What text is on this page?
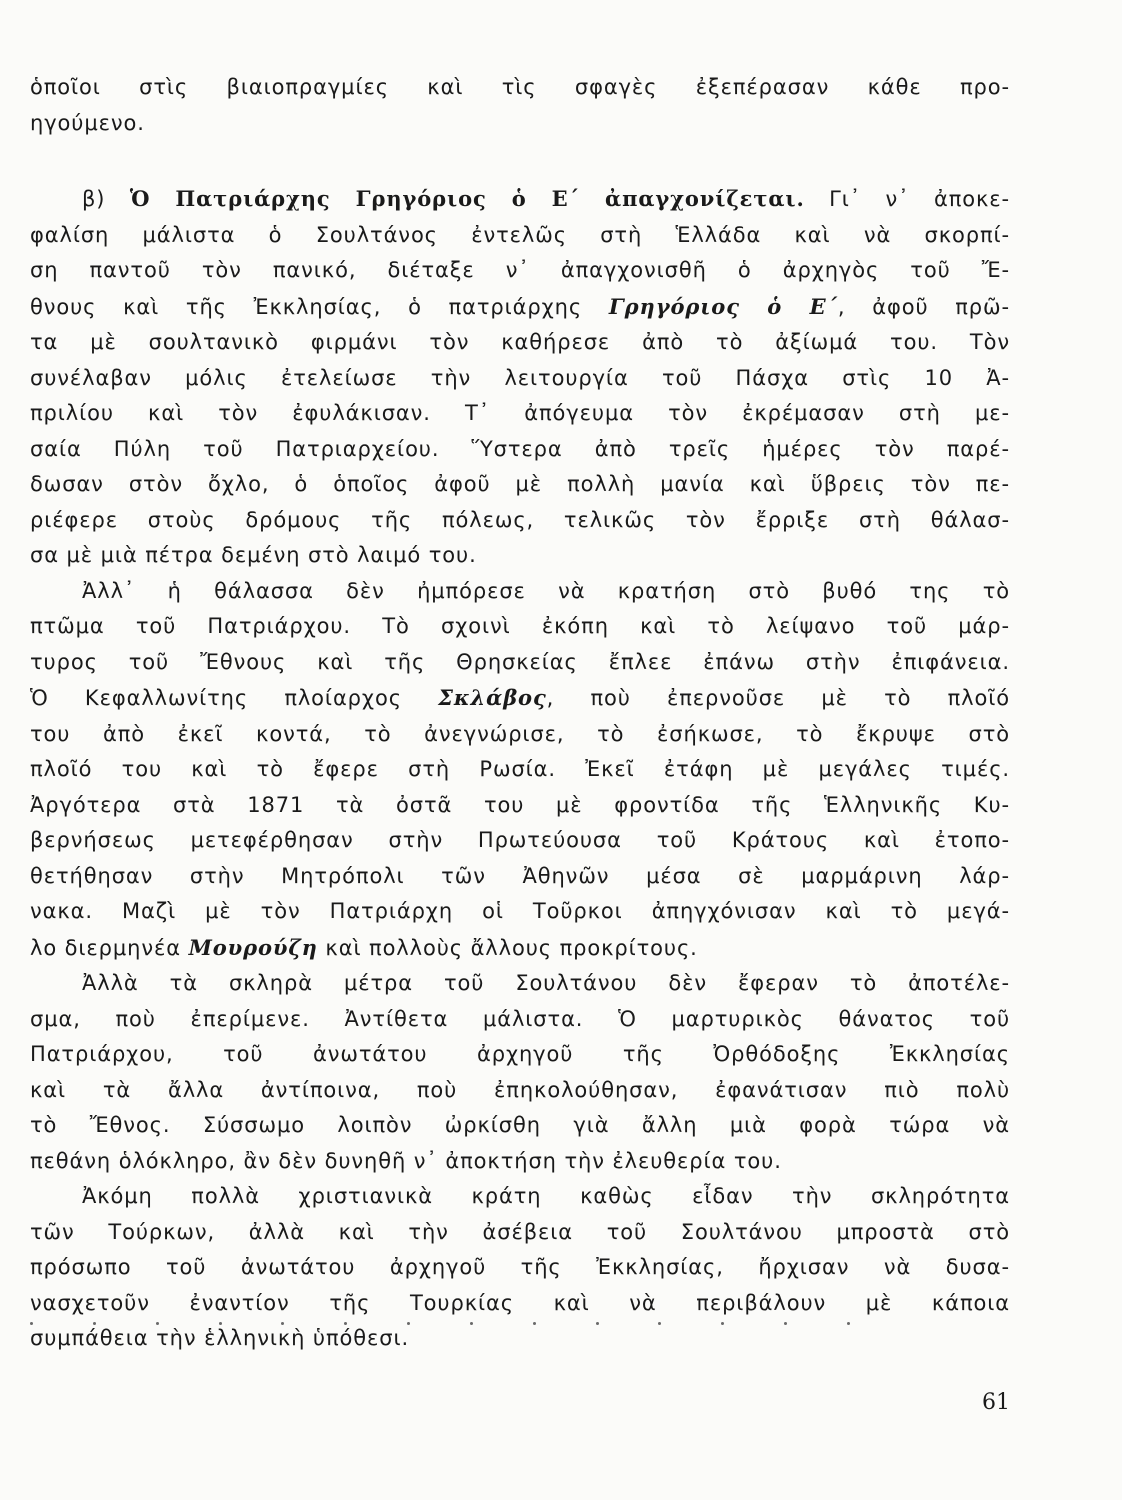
ὁποῖοι στὶς βιαιοπραγμίες καὶ τὶς σφαγὲς ἐξεπέρασαν κάθε προ-
ηγούμενο.
β) Ὁ Πατριάρχης Γρηγόριος ὁ Ε΄ ἀπαγχονίζεται. Γι᾽ ν᾽ ἀποκε-
φαλίση μάλιστα ὁ Σουλτάνος ἐντελῶς στὴ Ἑλλάδα καὶ νὰ σκορπί-
ση παντοῦ τὸν πανικό, διέταξε ν᾽ ἀπαγχονισθῆ ὁ ἀρχηγὸς τοῦ Ἔ-
θνους καὶ τῆς Ἐκκλησίας, ὁ πατριάρχης Γρηγόριος ὁ Ε΄, ἀφοῦ πρῶ-
τα μὲ σουλτανικὸ φιρμάνι τὸν καθήρεσε ἀπὸ τὸ ἀξίωμά του. Τὸν
συνέλαβαν μόλις ἐτελείωσε τὴν λειτουργία τοῦ Πάσχα στὶς 10 Ἀ-
πριλίου καὶ τὸν ἐφυλάκισαν. Τ᾽ ἀπόγευμα τὸν ἐκρέμασαν στὴ με-
σαία Πύλη τοῦ Πατριαρχείου. Ὕστερα ἀπὸ τρεῖς ἡμέρες τὸν παρέ-
δωσαν στὸν ὄχλο, ὁ ὁποῖος ἀφοῦ μὲ πολλὴ μανία καὶ ὕβρεις τὸν πε-
ριέφερε στοὺς δρόμους τῆς πόλεως, τελικῶς τὸν ἔρριξε στὴ θάλασ-
σα μὲ μιὰ πέτρα δεμένη στὸ λαιμό του.
Ἀλλ᾽ ἡ θάλασσα δὲν ἠμπόρεσε νὰ κρατήση στὸ βυθό της τὸ
πτῶμα τοῦ Πατριάρχου. Τὸ σχοινὶ ἐκόπη καὶ τὸ λείψανο τοῦ μάρ-
τυρος τοῦ Ἔθνους καὶ τῆς Θρησκείας ἔπλεε ἐπάνω στὴν ἐπιφάνεια.
Ὁ Κεφαλλωνίτης πλοίαρχος Σκλάβος, ποὺ ἐπερνοῦσε μὲ τὸ πλοῖό
του ἀπὸ ἐκεῖ κοντά, τὸ ἀνεγνώρισε, τὸ ἐσήκωσε, τὸ ἔκρυψε στὸ
πλοῖό του καὶ τὸ ἔφερε στὴ Ρωσία. Ἐκεῖ ἐτάφη μὲ μεγάλες τιμές.
Ἀργότερα στὰ 1871 τὰ ὀστᾶ του μὲ φροντίδα τῆς Ἑλληνικῆς Κυ-
βερνήσεως μετεφέρθησαν στὴν Πρωτεύουσα τοῦ Κράτους καὶ ἐτοπο-
θετήθησαν στὴν Μητρόπολι τῶν Ἀθηνῶν μέσα σὲ μαρμάρινη λάρ-
νακα. Μαζὶ μὲ τὸν Πατριάρχη οἱ Τοῦρκοι ἀπηγχόνισαν καὶ τὸ μεγά-
λο διερμηνέα Μουρούζη καὶ πολλοὺς ἄλλους προκρίτους.
Ἀλλὰ τὰ σκληρὰ μέτρα τοῦ Σουλτάνου δὲν ἔφεραν τὸ ἀποτέλε-
σμα, ποὺ ἐπερίμενε. Ἀντίθετα μάλιστα. Ὁ μαρτυρικὸς θάνατος τοῦ
Πατριάρχου, τοῦ ἀνωτάτου ἀρχηγοῦ τῆς Ὀρθόδοξης Ἐκκλησίας
καὶ τὰ ἄλλα ἀντίποινα, ποὺ ἐπηκολούθησαν, ἐφανάτισαν πιὸ πολὺ
τὸ Ἔθνος. Σύσσωμο λοιπὸν ὠρκίσθη γιὰ ἄλλη μιὰ φορὰ τώρα νὰ
πεθάνη ὁλόκληρο, ἂν δὲν δυνηθῆ ν᾽ ἀποκτήση τὴν ἐλευθερία του.
Ἀκόμη πολλὰ χριστιανικὰ κράτη καθὼς εἶδαν τὴν σκληρότητα
τῶν Τούρκων, ἀλλὰ καὶ τὴν ἀσέβεια τοῦ Σουλτάνου μπροστὰ στὸ
πρόσωπο τοῦ ἀνωτάτου ἀρχηγοῦ τῆς Ἐκκλησίας, ἤρχισαν νὰ δυσα-
νασχετοῦν ἐναντίον τῆς Τουρκίας καὶ νὰ περιβάλουν μὲ κάποια
συμπάθεια τὴν ἑλληνικὴ ὑπόθεσι.
61
